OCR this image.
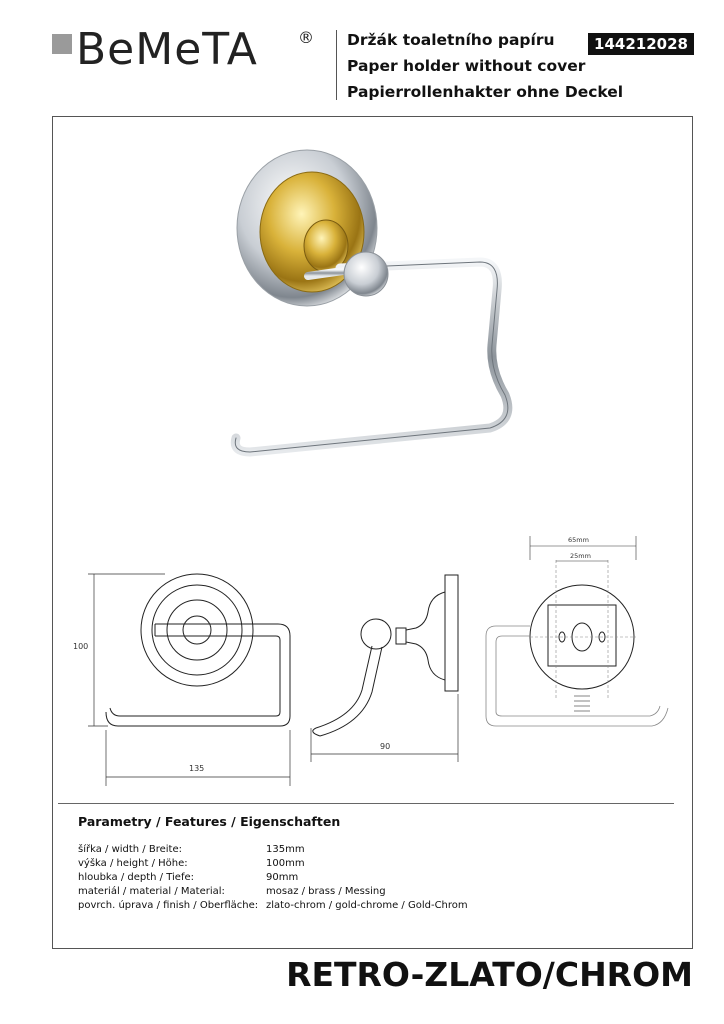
BeMeTA	® Držák toaletního papíru
Paper holder without cover
Papierrollenhakter ohne Deckel
144212028
100
135
90
65mm
25mm
Parametry / Features / Eigenschaften
šířka / width / Breite:	135mm
výška / height / Höhe:	100mm
hloubka / depth / Tiefe:	90mm
materiál / material / Material:	mosaz / brass / Messing
povrch. úprava / finish / Oberfläche: zlato-chrom / gold-chrome / Gold-Chrom
RETRO-ZLATO/CHROM
